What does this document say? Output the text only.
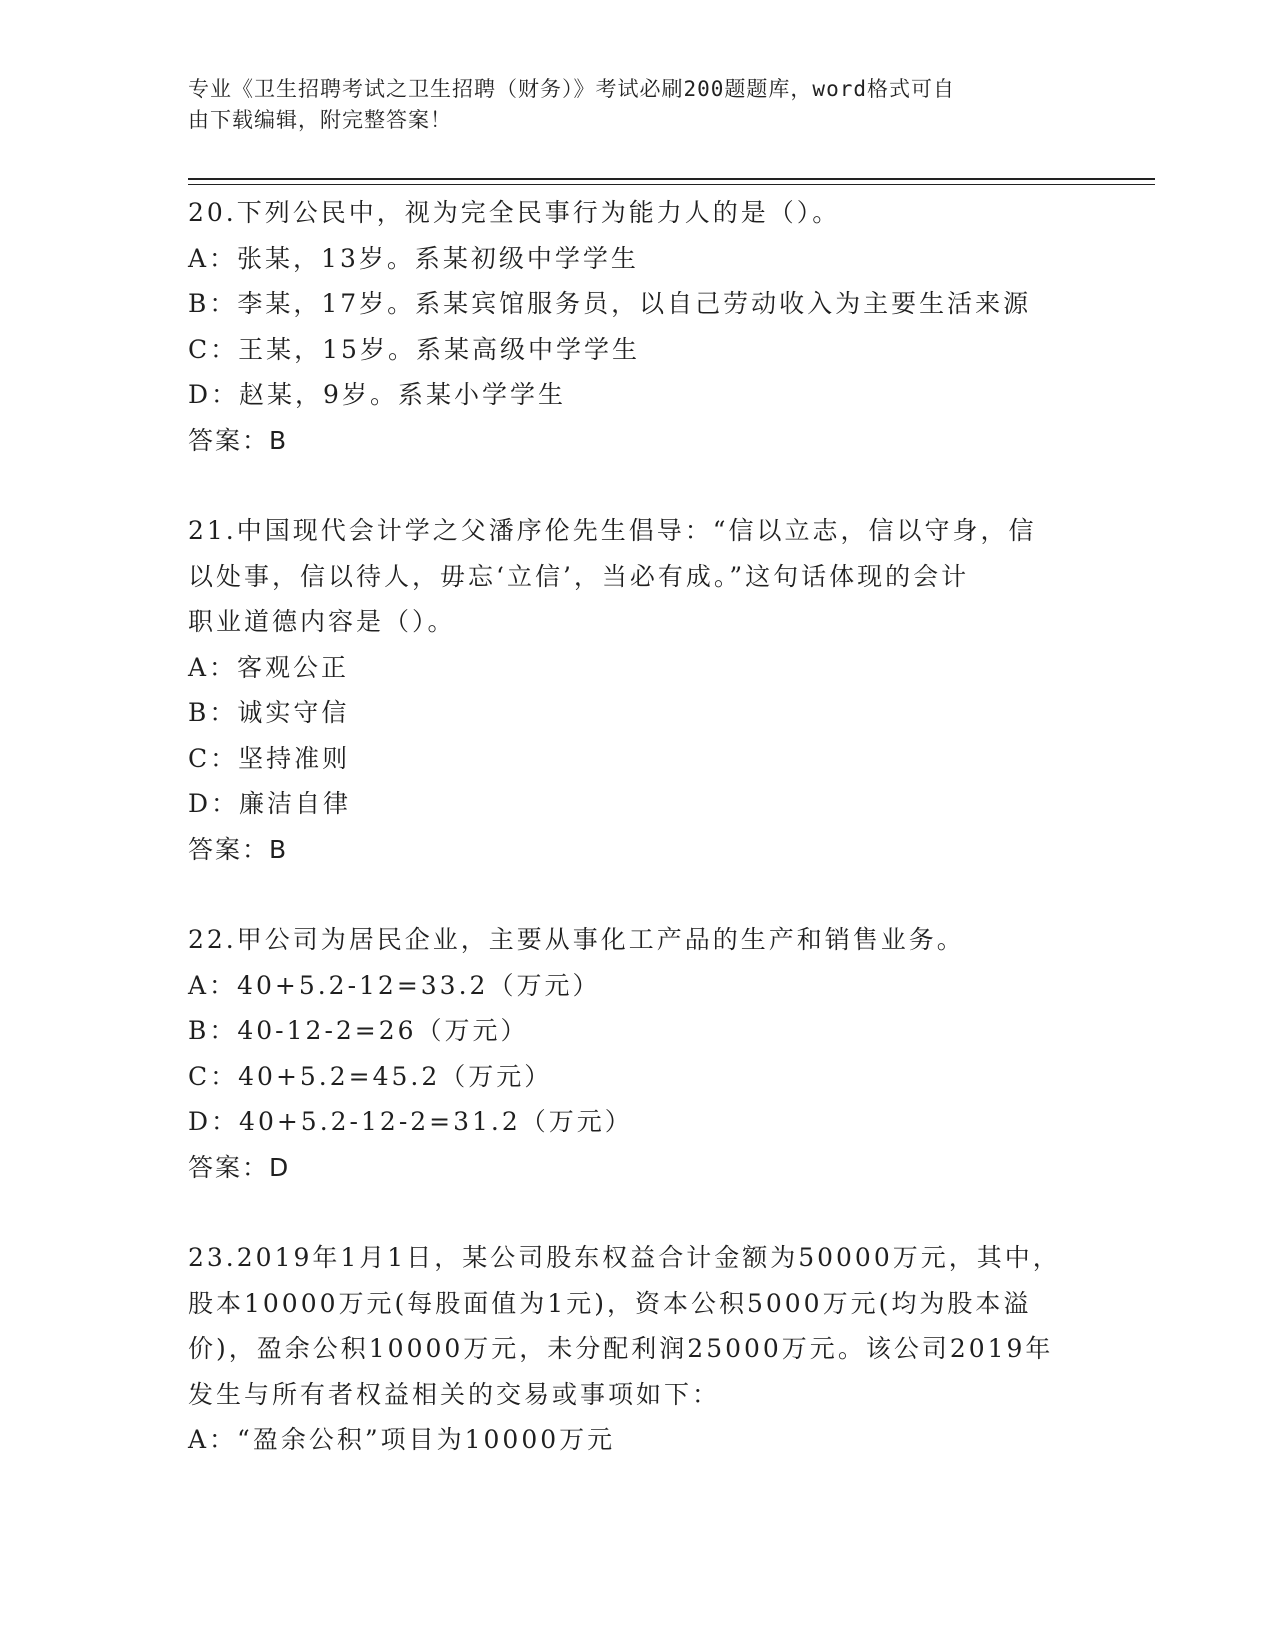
专业《卫生招聘考试之卫生招聘（财务）》考试必刷200题题库，word格式可自
由下载编辑，附完整答案！
20.下列公民中，视为完全民事行为能力人的是（）。
A：张某，13岁。系某初级中学学生
B：李某，17岁。系某宾馆服务员，以自己劳动收入为主要生活来源
C：王某，15岁。系某高级中学学生
D：赵某，9岁。系某小学学生
答案：B
21.中国现代会计学之父潘序伦先生倡导：“信以立志，信以守身，信
以处事，信以待人，毋忘‘立信’，当必有成。”这句话体现的会计
职业道德内容是（）。
A：客观公正
B：诚实守信
C：坚持准则
D：廉洁自律
答案：B
22.甲公司为居民企业，主要从事化工产品的生产和销售业务。
A：40+5.2-12=33.2（万元）
B：40-12-2=26（万元）
C：40+5.2=45.2（万元）
D：40+5.2-12-2=31.2（万元）
答案：D
23.2019年1月1日，某公司股东权益合计金额为50000万元，其中，
股本10000万元(每股面值为1元)，资本公积5000万元(均为股本溢
价)，盈余公积10000万元，未分配利润25000万元。该公司2019年
发生与所有者权益相关的交易或事项如下：
A：“盈余公积”项目为10000万元
